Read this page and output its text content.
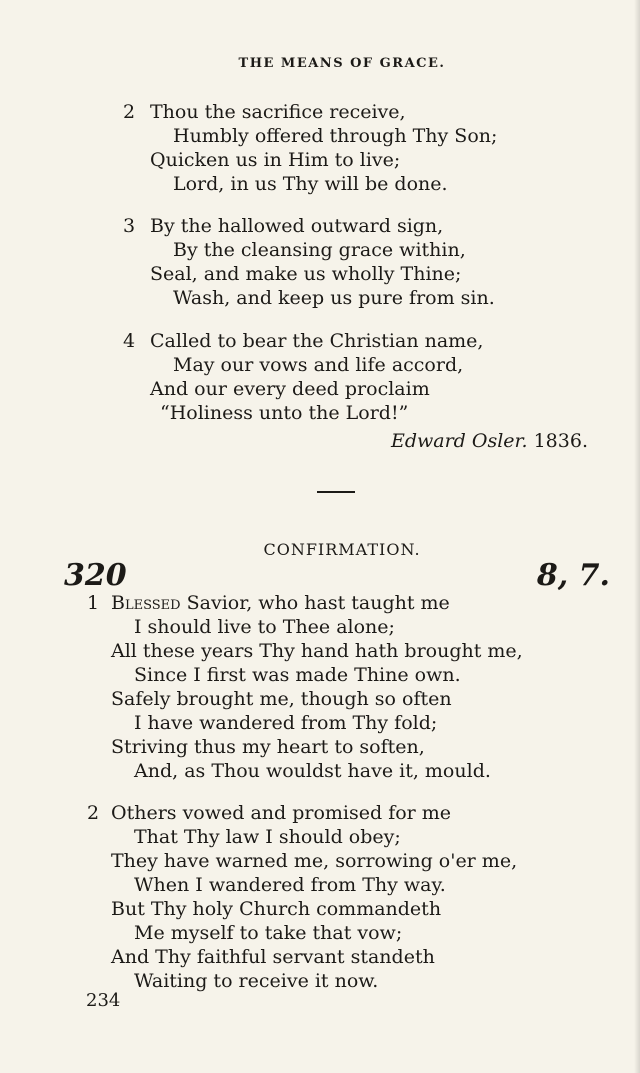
THE MEANS OF GRACE.
2 Thou the sacrifice receive,
Humbly offered through Thy Son;
Quicken us in Him to live;
Lord, in us Thy will be done.
3 By the hallowed outward sign,
By the cleansing grace within,
Seal, and make us wholly Thine;
Wash, and keep us pure from sin.
4 Called to bear the Christian name,
May our vows and life accord,
And our every deed proclaim
“Holiness unto the Lord!”
Edward Osler. 1836.
CONFIRMATION.
320	8, 7.
1 Blessed Savior, who hast taught me
I should live to Thee alone;
All these years Thy hand hath brought me,
Since I first was made Thine own.
Safely brought me, though so often
I have wandered from Thy fold;
Striving thus my heart to soften,
And, as Thou wouldst have it, mould.
2 Others vowed and promised for me
That Thy law I should obey;
They have warned me, sorrowing o'er me,
When I wandered from Thy way.
But Thy holy Church commandeth
Me myself to take that vow;
And Thy faithful servant standeth
Waiting to receive it now.
234
